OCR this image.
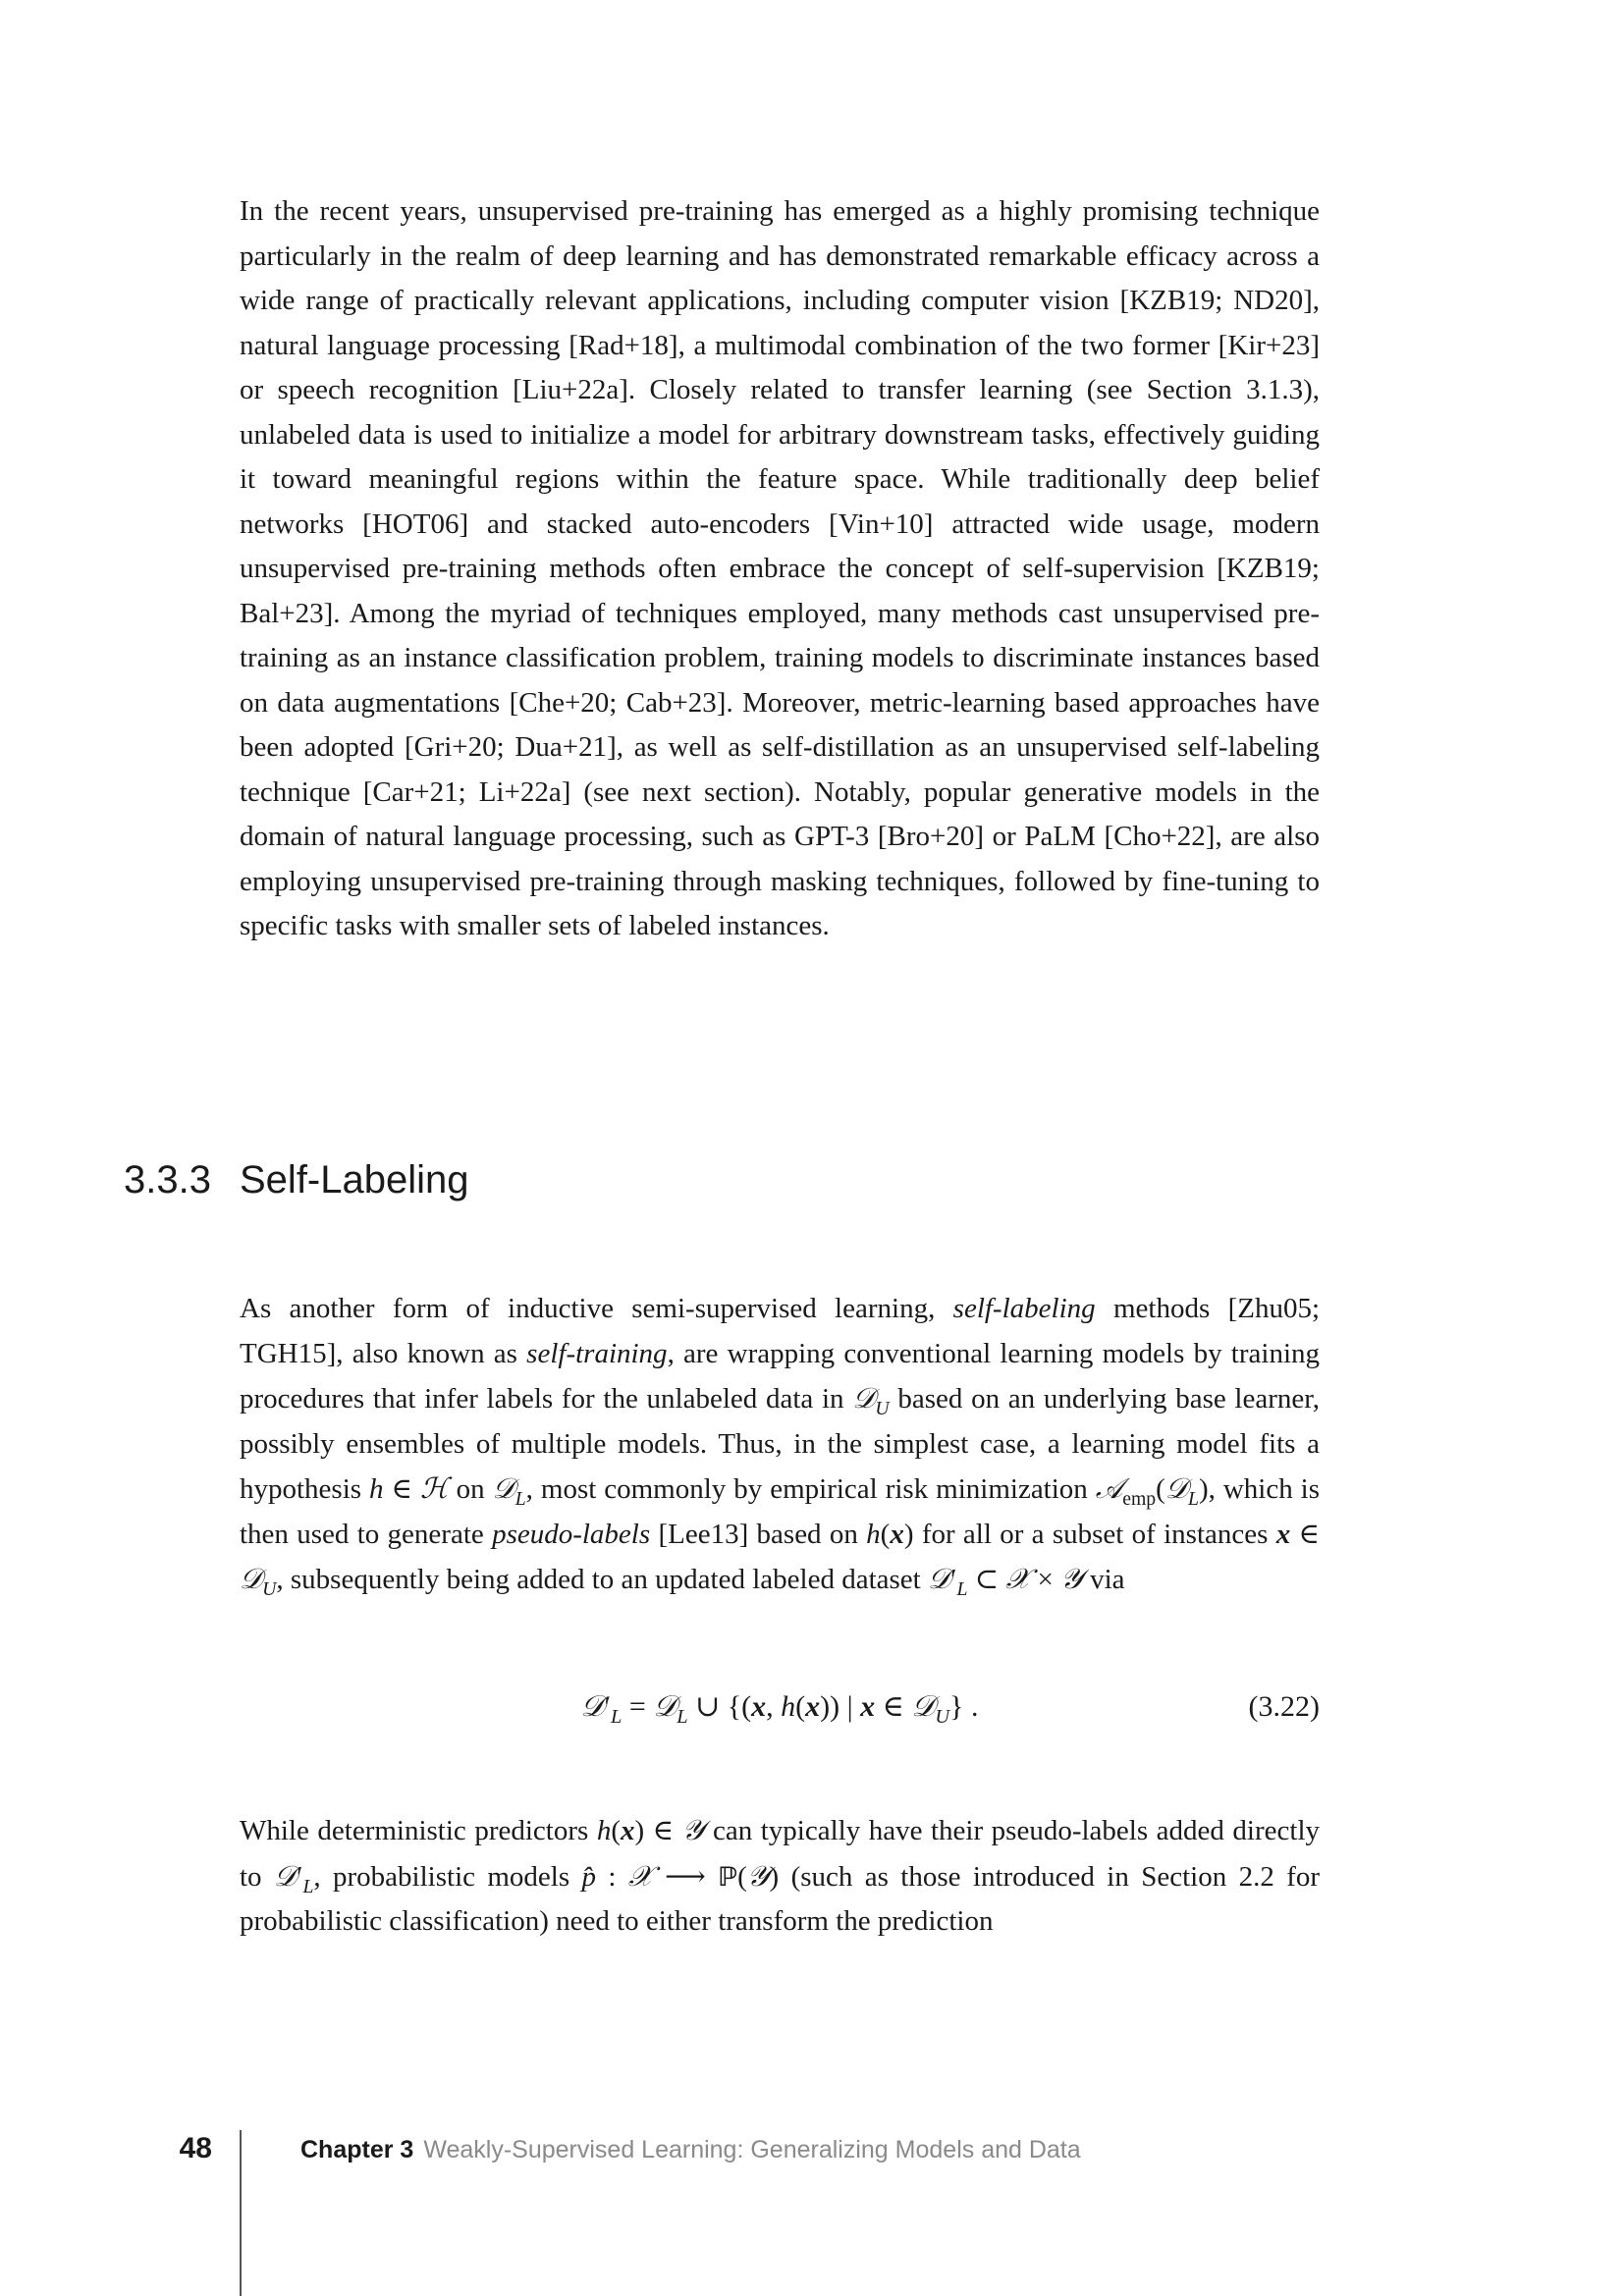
In the recent years, unsupervised pre-training has emerged as a highly promising technique particularly in the realm of deep learning and has demonstrated remarkable efficacy across a wide range of practically relevant applications, including computer vision [KZB19; ND20], natural language processing [Rad+18], a multimodal combination of the two former [Kir+23] or speech recognition [Liu+22a]. Closely related to transfer learning (see Section 3.1.3), unlabeled data is used to initialize a model for arbitrary downstream tasks, effectively guiding it toward meaningful regions within the feature space. While traditionally deep belief networks [HOT06] and stacked auto-encoders [Vin+10] attracted wide usage, modern unsupervised pre-training methods often embrace the concept of self-supervision [KZB19; Bal+23]. Among the myriad of techniques employed, many methods cast unsupervised pre-training as an instance classification problem, training models to discriminate instances based on data augmentations [Che+20; Cab+23]. Moreover, metric-learning based approaches have been adopted [Gri+20; Dua+21], as well as self-distillation as an unsupervised self-labeling technique [Car+21; Li+22a] (see next section). Notably, popular generative models in the domain of natural language processing, such as GPT-3 [Bro+20] or PaLM [Cho+22], are also employing unsupervised pre-training through masking techniques, followed by fine-tuning to specific tasks with smaller sets of labeled instances.

3.3.3 Self-Labeling

As another form of inductive semi-supervised learning, self-labeling methods [Zhu05; TGH15], also known as self-training, are wrapping conventional learning models by training procedures that infer labels for the unlabeled data in 𝒟$_U$ based on an underlying base learner, possibly ensembles of multiple models. Thus, in the simplest case, a learning model fits a hypothesis h ∈ ℋ on 𝒟$_L$, most commonly by empirical risk minimization 𝒜$_{emp}$(𝒟$_L$), which is then used to generate pseudo-labels [Lee13] based on h(x) for all or a subset of instances x ∈ 𝒟$_U$, subsequently being added to an updated labeled dataset $𝒟'_L$ ⊂ 𝒳 × 𝒴 via

$𝒟'_L$ = 𝒟$_L$ ∪ {(x, h(x)) | x ∈ 𝒟$_U$} .	(3.22)

While deterministic predictors h(x) ∈ 𝒴 can typically have their pseudo-labels added directly to $𝒟'_L$, probabilistic models p̂ : 𝒳 ⟶ ℙ(𝒴) (such as those introduced in Section 2.2 for probabilistic classification) need to either transform the prediction

48	Chapter 3 Weakly-Supervised Learning: Generalizing Models and Data
